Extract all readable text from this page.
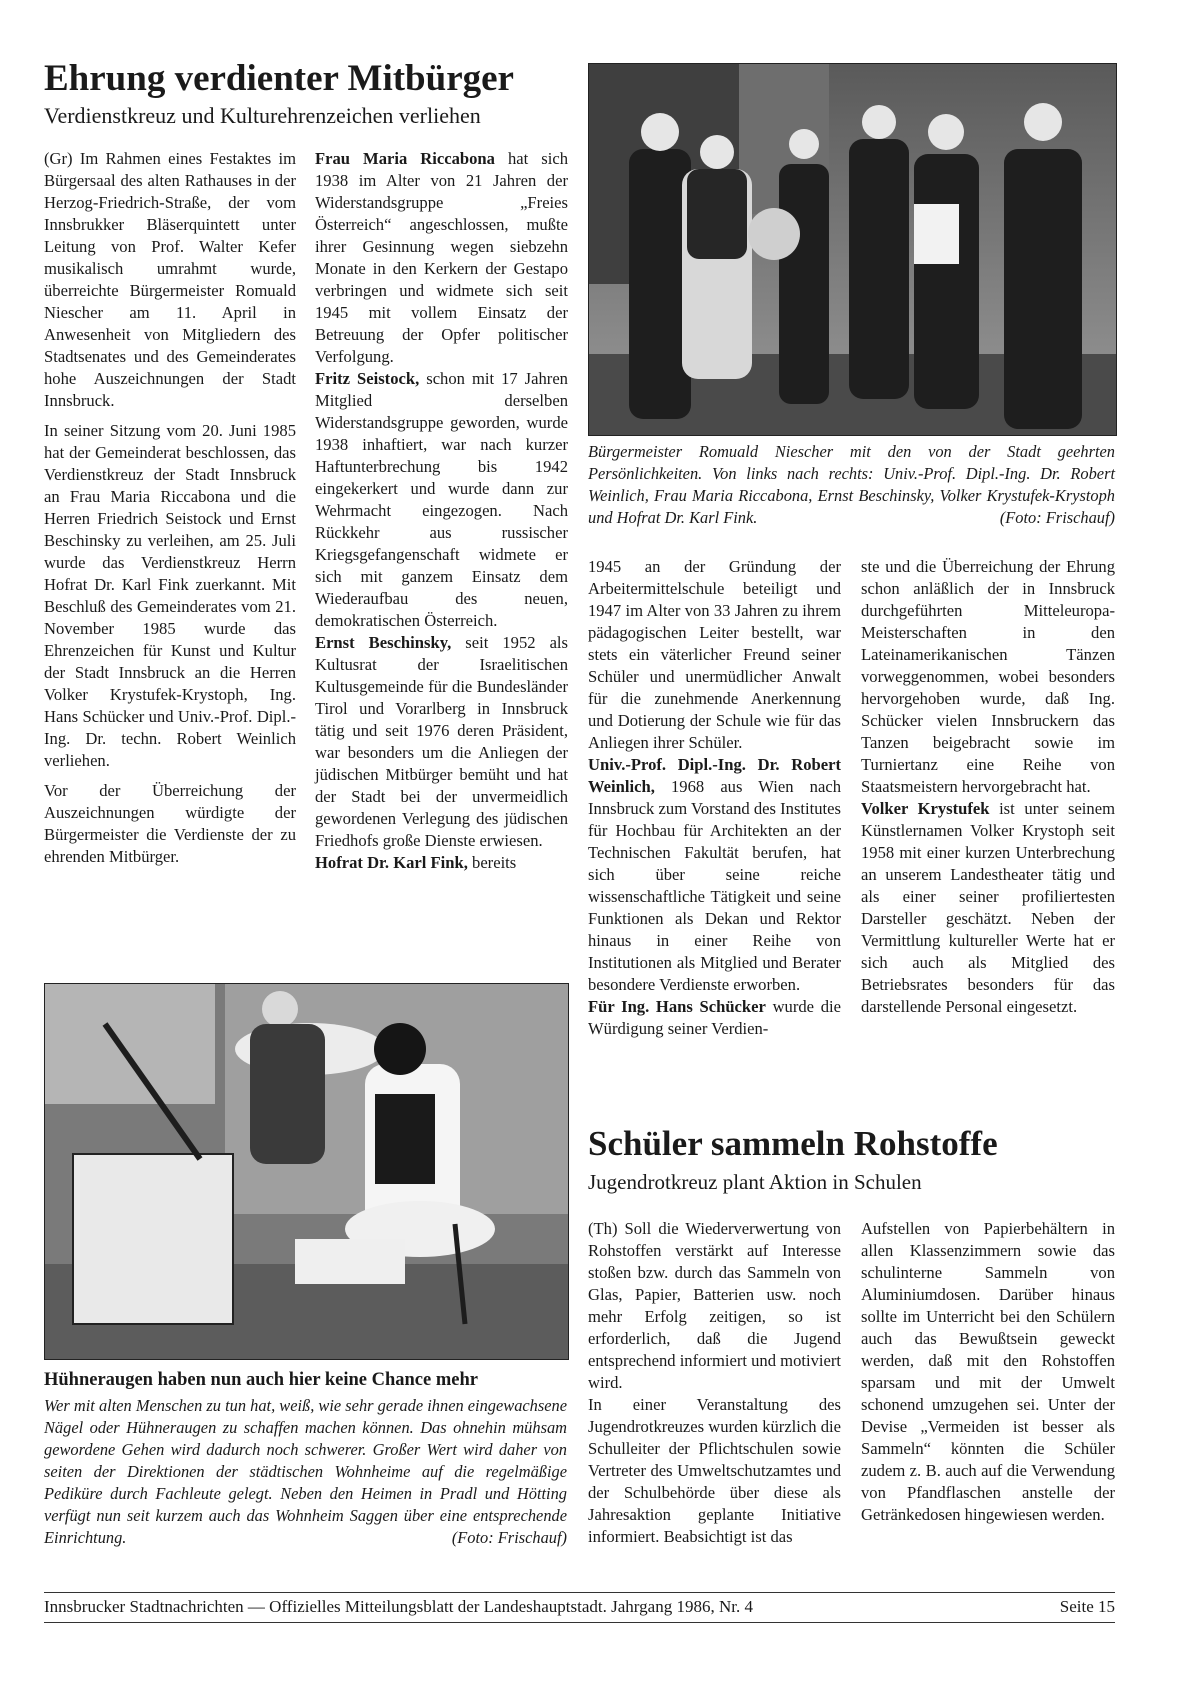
Ehrung verdienter Mitbürger
Verdienstkreuz und Kulturehrenzeichen verliehen

(Gr) Im Rahmen eines Festaktes im Bürgersaal des alten Rathauses in der Herzog-Friedrich-Straße, der vom Innsbrukker Bläserquintett unter Leitung von Prof. Walter Kefer musikalisch umrahmt wurde, überreichte Bürgermeister Romuald Niescher am 11. April in Anwesenheit von Mitgliedern des Stadtsenates und des Gemeinderates hohe Auszeichnungen der Stadt Innsbruck.

In seiner Sitzung vom 20. Juni 1985 hat der Gemeinderat beschlossen, das Verdienstkreuz der Stadt Innsbruck an Frau Maria Riccabona und die Herren Friedrich Seistock und Ernst Beschinsky zu verleihen, am 25. Juli wurde das Verdienstkreuz Herrn Hofrat Dr. Karl Fink zuerkannt. Mit Beschluß des Gemeinderates vom 21. November 1985 wurde das Ehrenzeichen für Kunst und Kultur der Stadt Innsbruck an die Herren Volker Krystufek-Krystoph, Ing. Hans Schücker und Univ.-Prof. Dipl.-Ing. Dr. techn. Robert Weinlich verliehen.

Vor der Überreichung der Auszeichnungen würdigte der Bürgermeister die Verdienste der zu ehrenden Mitbürger.

Frau Maria Riccabona hat sich 1938 im Alter von 21 Jahren der Widerstandsgruppe „Freies Österreich“ angeschlossen, mußte ihrer Gesinnung wegen siebzehn Monate in den Kerkern der Gestapo verbringen und widmete sich seit 1945 mit vollem Einsatz der Betreuung der Opfer politischer Verfolgung.

Fritz Seistock, schon mit 17 Jahren Mitglied derselben Widerstandsgruppe geworden, wurde 1938 inhaftiert, war nach kurzer Haftunterbrechung bis 1942 eingekerkert und wurde dann zur Wehrmacht eingezogen. Nach Rückkehr aus russischer Kriegsgefangenschaft widmete er sich mit ganzem Einsatz dem Wiederaufbau des neuen, demokratischen Österreich.

Ernst Beschinsky, seit 1952 als Kultusrat der Israelitischen Kultusgemeinde für die Bundesländer Tirol und Vorarlberg in Innsbruck tätig und seit 1976 deren Präsident, war besonders um die Anliegen der jüdischen Mitbürger bemüht und hat der Stadt bei der unvermeidlich gewordenen Verlegung des jüdischen Friedhofs große Dienste erwiesen.

Hofrat Dr. Karl Fink, bereits

Bürgermeister Romuald Niescher mit den von der Stadt geehrten Persönlichkeiten. Von links nach rechts: Univ.-Prof. Dipl.-Ing. Dr. Robert Weinlich, Frau Maria Riccabona, Ernst Beschinsky, Volker Krystufek-Krystoph und Hofrat Dr. Karl Fink.	(Foto: Frischauf)

1945 an der Gründung der Arbeitermittelschule beteiligt und 1947 im Alter von 33 Jahren zu ihrem pädagogischen Leiter bestellt, war stets ein väterlicher Freund seiner Schüler und unermüdlicher Anwalt für die zunehmende Anerkennung und Dotierung der Schule wie für das Anliegen ihrer Schüler.

Univ.-Prof. Dipl.-Ing. Dr. Robert Weinlich, 1968 aus Wien nach Innsbruck zum Vorstand des Institutes für Hochbau für Architekten an der Technischen Fakultät berufen, hat sich über seine reiche wissenschaftliche Tätigkeit und seine Funktionen als Dekan und Rektor hinaus in einer Reihe von Institutionen als Mitglied und Berater besondere Verdienste erworben.

Für Ing. Hans Schücker wurde die Würdigung seiner Verdien-

ste und die Überreichung der Ehrung schon anläßlich der in Innsbruck durchgeführten Mitteleuropa-Meisterschaften in den Lateinamerikanischen Tänzen vorweggenommen, wobei besonders hervorgehoben wurde, daß Ing. Schücker vielen Innsbruckern das Tanzen beigebracht sowie im Turniertanz eine Reihe von Staatsmeistern hervorgebracht hat.

Volker Krystufek ist unter seinem Künstlernamen Volker Krystoph seit 1958 mit einer kurzen Unterbrechung an unserem Landestheater tätig und als einer seiner profiliertesten Darsteller geschätzt. Neben der Vermittlung kultureller Werte hat er sich auch als Mitglied des Betriebsrates besonders für das darstellende Personal eingesetzt.

Hühneraugen haben nun auch hier keine Chance mehr
Wer mit alten Menschen zu tun hat, weiß, wie sehr gerade ihnen eingewachsene Nägel oder Hühneraugen zu schaffen machen können. Das ohnehin mühsam gewordene Gehen wird dadurch noch schwerer. Großer Wert wird daher von seiten der Direktionen der städtischen Wohnheime auf die regelmäßige Pediküre durch Fachleute gelegt. Neben den Heimen in Pradl und Hötting verfügt nun seit kurzem auch das Wohnheim Saggen über eine entsprechende Einrichtung.	(Foto: Frischauf)
Schüler sammeln Rohstoffe
Jugendrotkreuz plant Aktion in Schulen

(Th) Soll die Wiederverwertung von Rohstoffen verstärkt auf Interesse stoßen bzw. durch das Sammeln von Glas, Papier, Batterien usw. noch mehr Erfolg zeitigen, so ist erforderlich, daß die Jugend entsprechend informiert und motiviert wird.

In einer Veranstaltung des Jugendrotkreuzes wurden kürzlich die Schulleiter der Pflichtschulen sowie Vertreter des Umweltschutzamtes und der Schulbehörde über diese als Jahresaktion geplante Initiative informiert. Beabsichtigt ist das

Aufstellen von Papierbehältern in allen Klassenzimmern sowie das schulinterne Sammeln von Aluminiumdosen. Darüber hinaus sollte im Unterricht bei den Schülern auch das Bewußtsein geweckt werden, daß mit den Rohstoffen sparsam und mit der Umwelt schonend umzugehen sei. Unter der Devise „Vermeiden ist besser als Sammeln“ könnten die Schüler zudem z. B. auch auf die Verwendung von Pfandflaschen anstelle der Getränkedosen hingewiesen werden.

Innsbrucker Stadtnachrichten — Offizielles Mitteilungsblatt der Landeshauptstadt. Jahrgang 1986, Nr. 4	Seite 15
